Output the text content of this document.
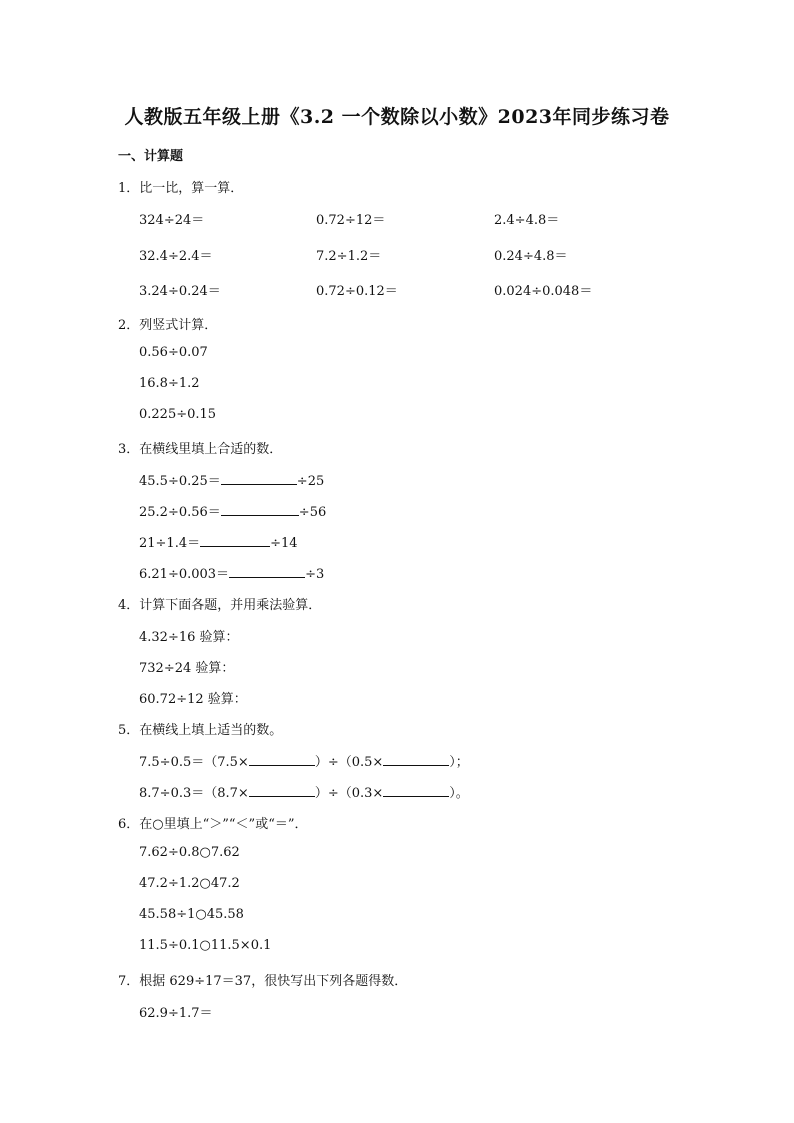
人教版五年级上册《3.2 一个数除以小数》2023年同步练习卷
一、计算题
1．比一比，算一算．
324÷24＝	0.72÷12＝	2.4÷4.8＝
32.4÷2.4＝	7.2÷1.2＝	0.24÷4.8＝
3.24÷0.24＝	0.72÷0.12＝	0.024÷0.048＝
2．列竖式计算．
0.56÷0.07
16.8÷1.2
0.225÷0.15
3．在横线里填上合适的数．
45.5÷0.25＝	÷25
25.2÷0.56＝	÷56
21÷1.4＝	÷14
6.21÷0.003＝	÷3
4．计算下面各题，并用乘法验算．
4.32÷16 验算：
732÷24 验算：
60.72÷12 验算：
5．在横线上填上适当的数。
7.5÷0.5＝（7.5×	）÷（0.5×	）；
8.7÷0.3＝（8.7×	）÷（0.3×	）。
6．在○里填上“＞”“＜”或“＝”．
7.62÷0.8○7.62
47.2÷1.2○47.2
45.58÷1○45.58
11.5÷0.1○11.5×0.1
7．根据 629÷17＝37，很快写出下列各题得数．
62.9÷1.7＝
